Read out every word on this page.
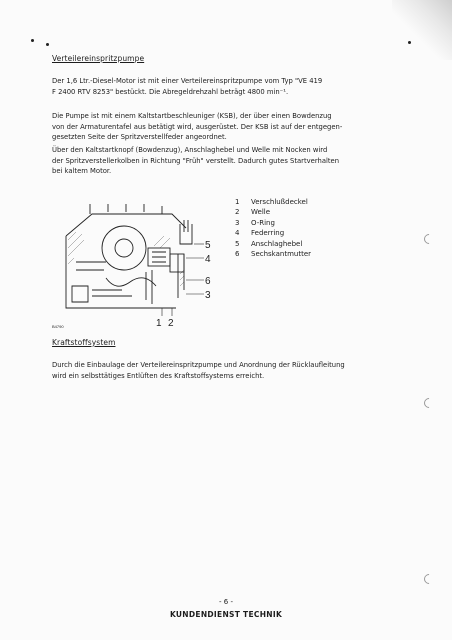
Verteilereinspritzpumpe

Der 1,6 Ltr.-Diesel-Motor ist mit einer Verteilereinspritzpumpe vom Typ "VE 419
F 2400 RTV 8253" bestückt. Die Abregeldrehzahl beträgt 4800 min⁻¹.

Die Pumpe ist mit einem Kaltstartbeschleuniger (KSB), der über einen Bowdenzug
von der Armaturentafel aus betätigt wird, ausgerüstet. Der KSB ist auf der entgegen-
gesetzten Seite der Spritzverstellfeder angeordnet.

Über den Kaltstartknopf (Bowdenzug), Anschlaghebel und Welle mit Nocken wird
der Spritzverstellerkolben in Richtung "Früh" verstellt. Dadurch gutes Startverhalten
bei kaltem Motor.

5
4
6
3
1 2
B4790
1	Verschlußdeckel
2	Welle
3	O-Ring
4	Federring
5	Anschlaghebel
6	Sechskantmutter
Kraftstoffsystem

Durch die Einbaulage der Verteilereinspritzpumpe und Anordnung der Rücklaufleitung
wird ein selbsttätiges Entlüften des Kraftstoffsystems erreicht.

- 6 -
KUNDENDIENST TECHNIK
